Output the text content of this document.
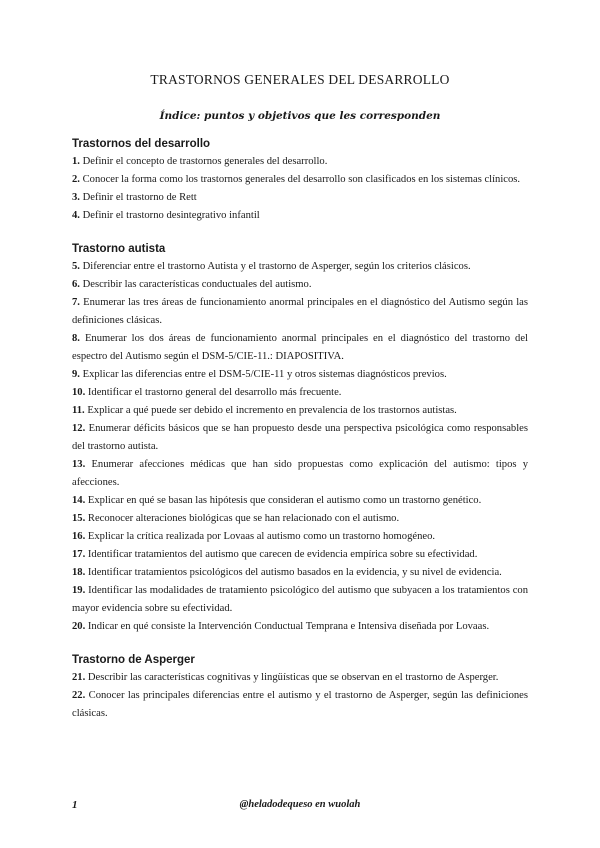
TRASTORNOS GENERALES DEL DESARROLLO
Índice: puntos y objetivos que les corresponden
Trastornos del desarrollo

1. Definir el concepto de trastornos generales del desarrollo.

2. Conocer la forma como los trastornos generales del desarrollo son clasificados en los sistemas clínicos.

3. Definir el trastorno de Rett

4. Definir el trastorno desintegrativo infantil

Trastorno autista

5. Diferenciar entre el trastorno Autista y el trastorno de Asperger, según los criterios clásicos.

6. Describir las características conductuales del autismo.

7. Enumerar las tres áreas de funcionamiento anormal principales en el diagnóstico del Autismo según las definiciones clásicas.

8. Enumerar los dos áreas de funcionamiento anormal principales en el diagnóstico del trastorno del espectro del Autismo según el DSM-5/CIE-11.: DIAPOSITIVA.

9. Explicar las diferencias entre el DSM-5/CIE-11 y otros sistemas diagnósticos previos.

10. Identificar el trastorno general del desarrollo más frecuente.

11. Explicar a qué puede ser debido el incremento en prevalencia de los trastornos autistas.

12. Enumerar déficits básicos que se han propuesto desde una perspectiva psicológica como responsables del trastorno autista.

13. Enumerar afecciones médicas que han sido propuestas como explicación del autismo: tipos y afecciones.

14. Explicar en qué se basan las hipótesis que consideran el autismo como un trastorno genético.

15. Reconocer alteraciones biológicas que se han relacionado con el autismo.

16. Explicar la crítica realizada por Lovaas al autismo como un trastorno homogéneo.

17. Identificar tratamientos del autismo que carecen de evidencia empírica sobre su efectividad.

18. Identificar tratamientos psicológicos del autismo basados en la evidencia, y su nivel de evidencia.

19. Identificar las modalidades de tratamiento psicológico del autismo que subyacen a los tratamientos con mayor evidencia sobre su efectividad.

20. Indicar en qué consiste la Intervención Conductual Temprana e Intensiva diseñada por Lovaas.

Trastorno de Asperger

21. Describir las características cognitivas y lingüísticas que se observan en el trastorno de Asperger.

22. Conocer las principales diferencias entre el autismo y el trastorno de Asperger, según las definiciones clásicas.

1	@heladodequeso en wuolah
